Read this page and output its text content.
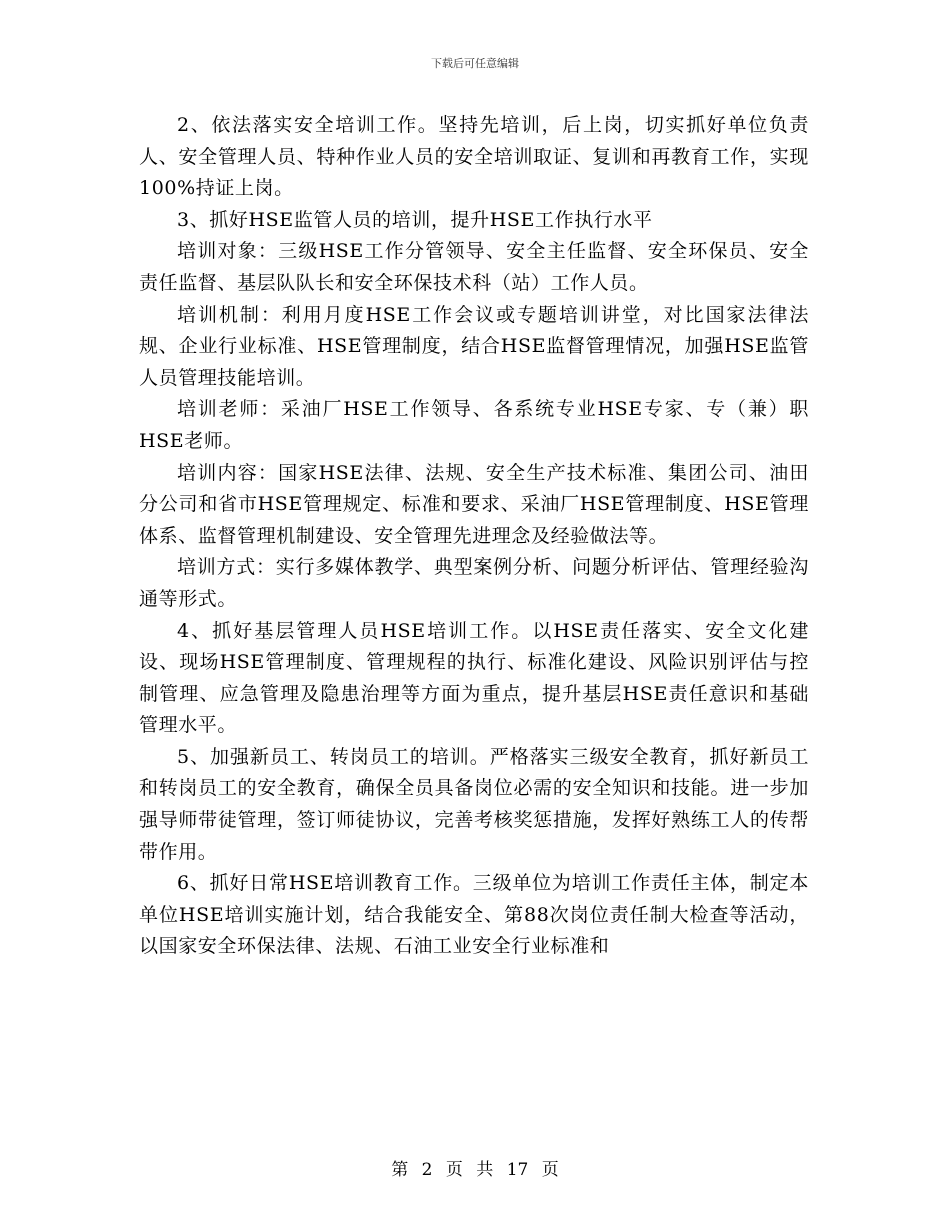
下载后可任意编辑

2、依法落实安全培训工作。坚持先培训，后上岗，切实抓好单位负责人、安全管理人员、特种作业人员的安全培训取证、复训和再教育工作，实现100%持证上岗。

3、抓好HSE监管人员的培训，提升HSE工作执行水平

培训对象：三级HSE工作分管领导、安全主任监督、安全环保员、安全责任监督、基层队队长和安全环保技术科（站）工作人员。

培训机制：利用月度HSE工作会议或专题培训讲堂，对比国家法律法规、企业行业标准、HSE管理制度，结合HSE监督管理情况，加强HSE监管人员管理技能培训。

培训老师：采油厂HSE工作领导、各系统专业HSE专家、专（兼）职HSE老师。

培训内容：国家HSE法律、法规、安全生产技术标准、集团公司、油田分公司和省市HSE管理规定、标准和要求、采油厂HSE管理制度、HSE管理体系、监督管理机制建设、安全管理先进理念及经验做法等。

培训方式：实行多媒体教学、典型案例分析、问题分析评估、管理经验沟通等形式。

4、抓好基层管理人员HSE培训工作。以HSE责任落实、安全文化建设、现场HSE管理制度、管理规程的执行、标准化建设、风险识别评估与控制管理、应急管理及隐患治理等方面为重点，提升基层HSE责任意识和基础管理水平。

5、加强新员工、转岗员工的培训。严格落实三级安全教育，抓好新员工和转岗员工的安全教育，确保全员具备岗位必需的安全知识和技能。进一步加强导师带徒管理，签订师徒协议，完善考核奖惩措施，发挥好熟练工人的传帮带作用。

6、抓好日常HSE培训教育工作。三级单位为培训工作责任主体，制定本单位HSE培训实施计划，结合我能安全、第88次岗位责任制大检查等活动，以国家安全环保法律、法规、石油工业安全行业标准和

第 2 页 共 17 页
